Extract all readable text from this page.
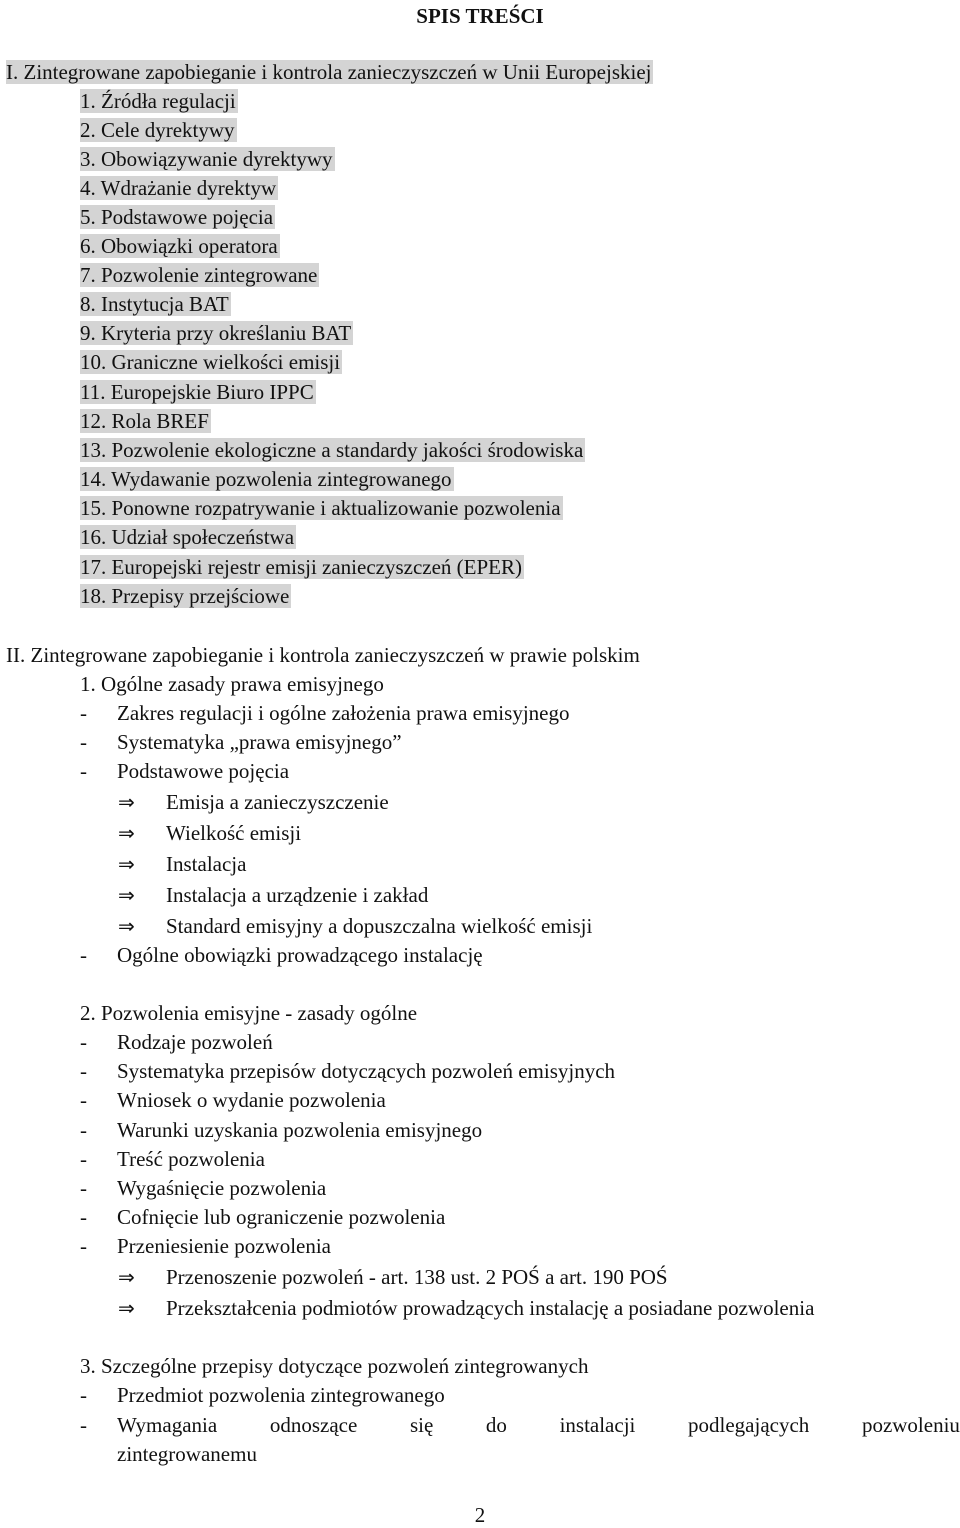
SPIS TREŚCI
I. Zintegrowane zapobieganie i kontrola zanieczyszczeń w Unii Europejskiej
1. Źródła regulacji
2. Cele dyrektywy
3. Obowiązywanie dyrektywy
4. Wdrażanie dyrektyw
5. Podstawowe pojęcia
6. Obowiązki operatora
7. Pozwolenie zintegrowane
8. Instytucja BAT
9. Kryteria przy określaniu BAT
10. Graniczne wielkości emisji
11. Europejskie Biuro IPPC
12. Rola BREF
13. Pozwolenie ekologiczne a standardy jakości środowiska
14. Wydawanie pozwolenia zintegrowanego
15. Ponowne rozpatrywanie i aktualizowanie pozwolenia
16. Udział społeczeństwa
17. Europejski rejestr emisji zanieczyszczeń (EPER)
18. Przepisy przejściowe
II. Zintegrowane zapobieganie i kontrola zanieczyszczeń w prawie polskim
1. Ogólne zasady prawa emisyjnego
- Zakres regulacji i ogólne założenia prawa emisyjnego
- Systematyka „prawa emisyjnego”
- Podstawowe pojęcia
⇒ Emisja a zanieczyszczenie
⇒ Wielkość emisji
⇒ Instalacja
⇒ Instalacja a urządzenie i zakład
⇒ Standard emisyjny a dopuszczalna wielkość emisji
- Ogólne obowiązki prowadzącego instalację
2. Pozwolenia emisyjne - zasady ogólne
- Rodzaje pozwoleń
- Systematyka przepisów dotyczących pozwoleń emisyjnych
- Wniosek o wydanie pozwolenia
- Warunki uzyskania pozwolenia emisyjnego
- Treść pozwolenia
- Wygaśnięcie pozwolenia
- Cofnięcie lub ograniczenie pozwolenia
- Przeniesienie pozwolenia
⇒ Przenoszenie pozwoleń - art. 138 ust. 2 POŚ a art. 190 POŚ
⇒ Przekształcenia podmiotów prowadzących instalację a posiadane pozwolenia
3. Szczególne przepisy dotyczące pozwoleń zintegrowanych
- Przedmiot pozwolenia zintegrowanego
- Wymagania	odnoszące	się	do	instalacji	podlegających	pozwoleniu
zintegrowanemu
2
